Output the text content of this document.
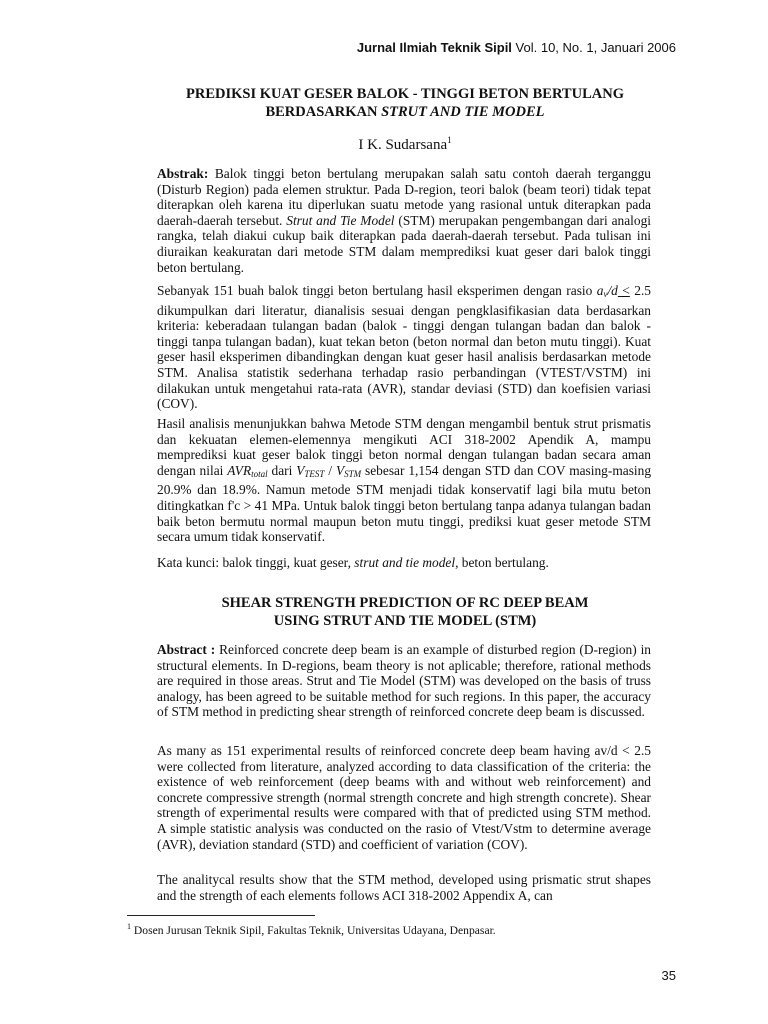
Jurnal Ilmiah Teknik Sipil Vol. 10, No. 1, Januari 2006
PREDIKSI KUAT GESER BALOK - TINGGI BETON BERTULANG
BERDASARKAN STRUT AND TIE MODEL
I K. Sudarsana$^1$

Abstrak: Balok tinggi beton bertulang merupakan salah satu contoh daerah terganggu (Disturb Region) pada elemen struktur. Pada D-region, teori balok (beam teori) tidak tepat diterapkan oleh karena itu diperlukan suatu metode yang rasional untuk diterapkan pada daerah-daerah tersebut. Strut and Tie Model (STM) merupakan pengembangan dari analogi rangka, telah diakui cukup baik diterapkan pada daerah-daerah tersebut. Pada tulisan ini diuraikan keakuratan dari metode STM dalam memprediksi kuat geser dari balok tinggi beton bertulang.

Sebanyak 151 buah balok tinggi beton bertulang hasil eksperimen dengan rasio $a_v/d < 2.5$ dikumpulkan dari literatur, dianalisis sesuai dengan pengklasifikasian data berdasarkan kriteria: keberadaan tulangan badan (balok - tinggi dengan tulangan badan dan balok - tinggi tanpa tulangan badan), kuat tekan beton (beton normal dan beton mutu tinggi). Kuat geser hasil eksperimen dibandingkan dengan kuat geser hasil analisis berdasarkan metode STM. Analisa statistik sederhana terhadap rasio perbandingan (VTEST/VSTM) ini dilakukan untuk mengetahui rata-rata (AVR), standar deviasi (STD) dan koefisien variasi (COV).

Hasil analisis menunjukkan bahwa Metode STM dengan mengambil bentuk strut prismatis dan kekuatan elemen-elemennya mengikuti ACI 318-2002 Apendik A, mampu memprediksi kuat geser balok tinggi beton normal dengan tulangan badan secara aman dengan nilai $AVR_{total}$ dari $V_{TEST} / V_{STM}$ sebesar 1,154 dengan STD dan COV masing-masing 20.9% dan 18.9%. Namun metode STM menjadi tidak konservatif lagi bila mutu beton ditingkatkan f'c > 41 MPa. Untuk balok tinggi beton bertulang tanpa adanya tulangan badan baik beton bermutu normal maupun beton mutu tinggi, prediksi kuat geser metode STM secara umum tidak konservatif.

Kata kunci: balok tinggi, kuat geser, strut and tie model, beton bertulang.

SHEAR STRENGTH PREDICTION OF RC DEEP BEAM
USING STRUT AND TIE MODEL (STM)

Abstract : Reinforced concrete deep beam is an example of disturbed region (D-region) in structural elements. In D-regions, beam theory is not aplicable; therefore, rational methods are required in those areas. Strut and Tie Model (STM) was developed on the basis of truss analogy, has been agreed to be suitable method for such regions. In this paper, the accuracy of STM method in predicting shear strength of reinforced concrete deep beam is discussed.

As many as 151 experimental results of reinforced concrete deep beam having av/d < 2.5 were collected from literature, analyzed according to data classification of the criteria: the existence of web reinforcement (deep beams with and without web reinforcement) and concrete compressive strength (normal strength concrete and high strength concrete). Shear strength of experimental results were compared with that of predicted using STM method. A simple statistic analysis was conducted on the rasio of Vtest/Vstm to determine average (AVR), deviation standard (STD) and coefficient of variation (COV).

The analitycal results show that the STM method, developed using prismatic strut shapes and the strength of each elements follows ACI 318-2002 Appendix A, can

$^1$ Dosen Jurusan Teknik Sipil, Fakultas Teknik, Universitas Udayana, Denpasar.
35
